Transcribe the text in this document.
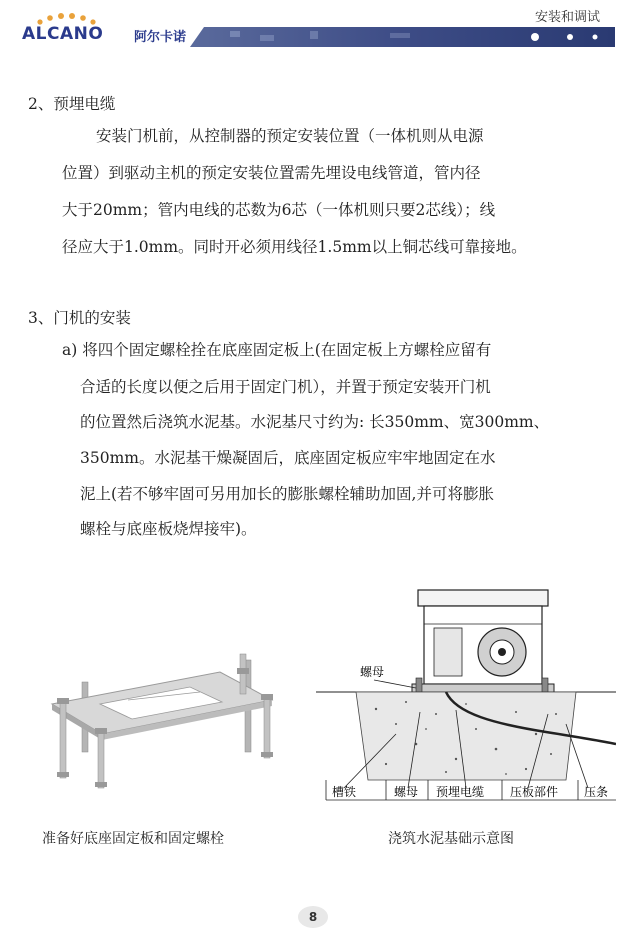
ALCANO 阿尔卡诺
安装和调试
2、预埋电缆
安装门机前，从控制器的预定安装位置（一体机则从电源
位置）到驱动主机的预定安装位置需先埋设电线管道，管内径
大于20mm；管内电线的芯数为6芯（一体机则只要2芯线）；线
径应大于1.0mm。同时开必须用线径1.5mm以上铜芯线可靠接地。
3、门机的安装
a) 将四个固定螺栓拴在底座固定板上(在固定板上方螺栓应留有
合适的长度以便之后用于固定门机），并置于预定安装开门机
的位置然后浇筑水泥基。水泥基尺寸约为: 长350mm、宽300mm、
350mm。水泥基干燥凝固后，底座固定板应牢牢地固定在水
泥上(若不够牢固可另用加长的膨胀螺栓辅助加固,并可将膨胀
螺栓与底座板烧焊接牢)。
准备好底座固定板和固定螺栓
螺母
槽铁	螺母 预埋电缆 压板部件 压条
浇筑水泥基础示意图
8
